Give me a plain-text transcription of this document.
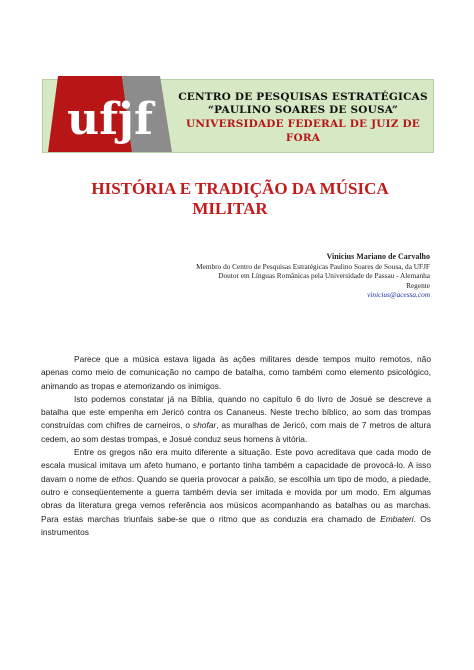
ufjf	CENTRO DE PESQUISAS ESTRATÉGICAS
“PAULINO SOARES DE SOUSA”
UNIVERSIDADE FEDERAL DE JUIZ DE FORA
HISTÓRIA E TRADIÇÃO DA MÚSICA
MILITAR
Vinicius Mariano de Carvalho
Membro do Centro de Pesquisas Estratégicas Paulino Soares de Sousa, da UFJF
Doutor em Línguas Românicas pela Universidade de Passau - Alemanha
Regente
vinicius@acessa.com

Parece que a música estava ligada às ações militares desde tempos muito remotos, não apenas como meio de comunicação no campo de batalha, como também como elemento psicológico, animando as tropas e atemorizando os inimigos.

Isto podemos constatar já na Bíblia, quando no capítulo 6 do livro de Josué se descreve a batalha que este empenha em Jericó contra os Cananeus. Neste trecho bíblico, ao som das trompas construídas com chifres de carneiros, o shofar, as muralhas de Jericó, com mais de 7 metros de altura cedem, ao som destas trompas, e Josué conduz seus homens à vitória.

Entre os gregos não era muito diferente a situação. Este povo acreditava que cada modo de escala musical imitava um afeto humano, e portanto tinha também a capacidade de provocá-lo. A isso davam o nome de ethos. Quando se queria provocar a paixão, se escolhia um tipo de modo, a piedade, outro e conseqüentemente a guerra também devia ser imitada e movida por um modo. Em algumas obras da literatura grega vemos referência aos músicos acompanhando as batalhas ou as marchas. Para estas marchas triunfais sabe-se que o ritmo que as conduzia era chamado de Embateri. Os instrumentos
